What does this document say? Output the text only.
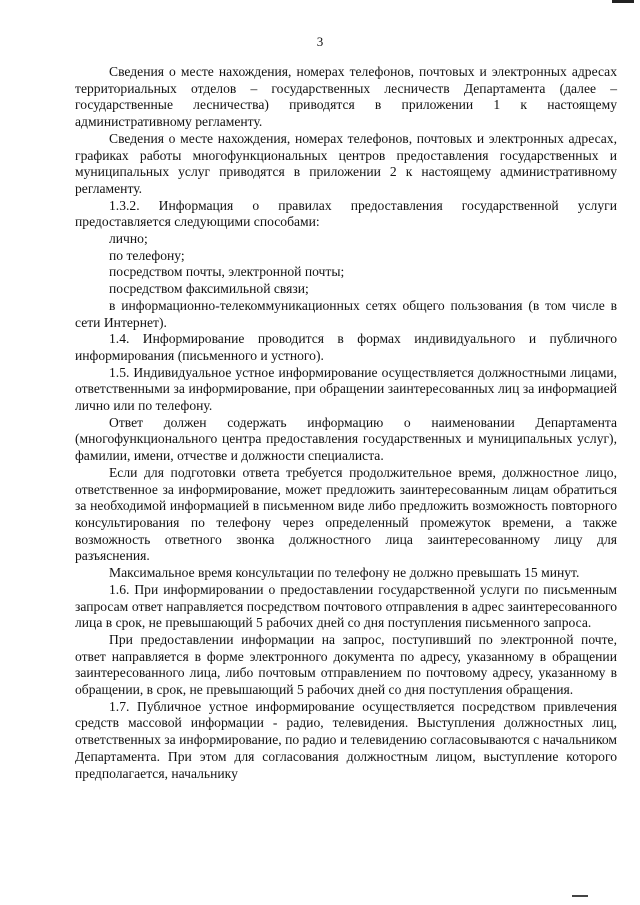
3

Сведения о месте нахождения, номерах телефонов, почтовых и электронных адресах территориальных отделов – государственных лесничеств Департамента (далее – государственные лесничества) приводятся в приложении 1 к настоящему административному регламенту.

Сведения о месте нахождения, номерах телефонов, почтовых и электронных адресах, графиках работы многофункциональных центров предоставления государственных и муниципальных услуг приводятся в приложении 2 к настоящему административному регламенту.

1.3.2. Информация о правилах предоставления государственной услуги предоставляется следующими способами:

лично;

по телефону;

посредством почты, электронной почты;

посредством факсимильной связи;

в информационно-телекоммуникационных сетях общего пользования (в том числе в сети Интернет).

1.4. Информирование проводится в формах индивидуального и публичного информирования (письменного и устного).

1.5. Индивидуальное устное информирование осуществляется должностными лицами, ответственными за информирование, при обращении заинтересованных лиц за информацией лично или по телефону.

Ответ должен содержать информацию о наименовании Департамента (многофункционального центра предоставления государственных и муниципальных услуг), фамилии, имени, отчестве и должности специалиста.

Если для подготовки ответа требуется продолжительное время, должностное лицо, ответственное за информирование, может предложить заинтересованным лицам обратиться за необходимой информацией в письменном виде либо предложить возможность повторного консультирования по телефону через определенный промежуток времени, а также возможность ответного звонка должностного лица заинтересованному лицу для разъяснения.

Максимальное время консультации по телефону не должно превышать 15 минут.

1.6. При информировании о предоставлении государственной услуги по письменным запросам ответ направляется посредством почтового отправления в адрес заинтересованного лица в срок, не превышающий 5 рабочих дней со дня поступления письменного запроса.

При предоставлении информации на запрос, поступивший по электронной почте, ответ направляется в форме электронного документа по адресу, указанному в обращении заинтересованного лица, либо почтовым отправлением по почтовому адресу, указанному в обращении, в срок, не превышающий 5 рабочих дней со дня поступления обращения.

1.7. Публичное устное информирование осуществляется посредством привлечения средств массовой информации - радио, телевидения. Выступления должностных лиц, ответственных за информирование, по радио и телевидению согласовываются с начальником Департамента. При этом для согласования должностным лицом, выступление которого предполагается, начальнику
